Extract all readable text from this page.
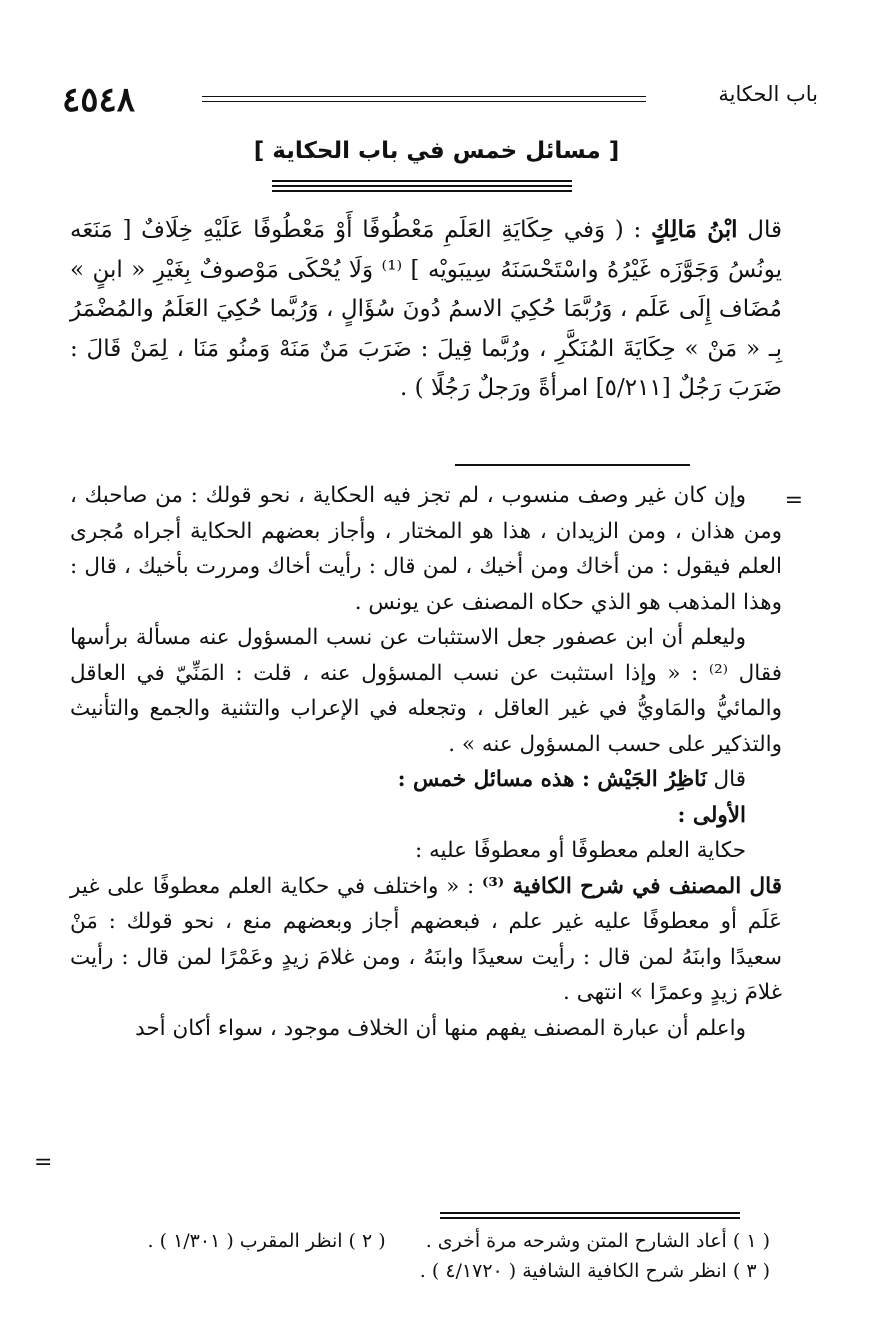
٤٥٤٨	باب الحكاية
[ مسائل خمس في باب الحكاية ]

قال ابْنُ مَالِكٍ : ( وَفي حِكَايَةِ العَلَمِ مَعْطُوفًا أَوْ مَعْطُوفًا عَلَيْهِ خِلَافٌ [ مَنَعَه يونُسُ وَجَوَّزَه غَيْرُهُ واسْتَحْسَنَهُ سِيبَويْه ] ⁽¹⁾ وَلَا يُحْكَى مَوْصوفٌ بِغَيْرِ « ابنٍ » مُضَاف إِلَى عَلَم ، وَرُبَّمَا حُكِيَ الاسمُ دُونَ سُؤَالٍ ، وَرُبَّما حُكِيَ العَلَمُ والمُضْمَرُ بِـ « مَنْ » حِكَايَةَ المُنَكَّرِ ، ورُبَّما قِيلَ : ضَرَبَ مَنٌ مَنَهْ وَمنُو مَنَا ، لِمَنْ قَالَ : ضَرَبَ رَجُلٌ [٥/٢١١] امرأةً ورَجلٌ رَجُلًا ) .

=

وإن كان غير وصف منسوب ، لم تجز فيه الحكاية ، نحو قولك : من صاحبك ، ومن هذان ، ومن الزيدان ، هذا هو المختار ، وأجاز بعضهم الحكاية أجراه مُجرى العلم فيقول : من أخاك ومن أخيك ، لمن قال : رأيت أخاك ومررت بأخيك ، قال : وهذا المذهب هو الذي حكاه المصنف عن يونس .

وليعلم أن ابن عصفور جعل الاستثبات عن نسب المسؤول عنه مسألة برأسها فقال ⁽²⁾ : « وإذا استثبت عن نسب المسؤول عنه ، قلت : المَنِّيّ في العاقل والمائيُّ والمَاويُّ في غير العاقل ، وتجعله في الإعراب والتثنية والجمع والتأنيث والتذكير على حسب المسؤول عنه » .

قال نَاظِرُ الجَيْش : هذه مسائل خمس :

الأولى :

حكاية العلم معطوفًا أو معطوفًا عليه :

قال المصنف في شرح الكافية ⁽³⁾ : « واختلف في حكاية العلم معطوفًا على غير عَلَم أو معطوفًا عليه غير علم ، فبعضهم أجاز وبعضهم منع ، نحو قولك : مَنْ سعيدًا وابنَهُ لمن قال : رأيت سعيدًا وابنَهُ ، ومن غلامَ زيدٍ وعَمْرًا لمن قال : رأيت غلامَ زيدٍ وعمرًا » انتهى .

واعلم أن عبارة المصنف يفهم منها أن الخلاف موجود ، سواء أكان أحد

=
( ١ ) أعاد الشارح المتن وشرحه مرة أخرى .
( ٢ ) انظر المقرب ( ١/٣٠١ ) .
( ٣ ) انظر شرح الكافية الشافية ( ٤/١٧٢٠ ) .
